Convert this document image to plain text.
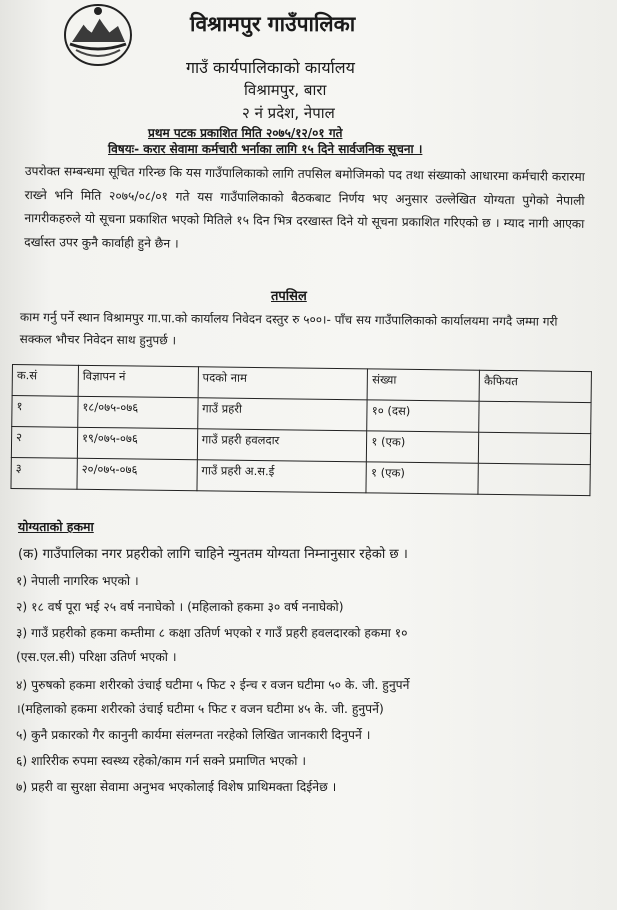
विश्रामपुर गाउँपालिका
गाउँ कार्यपालिकाको कार्यालय
विश्रामपुर, बारा
२ नं प्रदेश, नेपाल
प्रथम पटक प्रकाशित मिति २०७५/१२/०१ गते
विषयः- करार सेवामा कर्मचारी भर्नाका लागि १५ दिने सार्वजनिक सूचना ।
उपरोक्त सम्बन्धमा सूचित गरिन्छ कि यस गाउँपालिकाको लागि तपसिल बमोजिमको पद तथा संख्याको आधारमा कर्मचारी करारमा राख्ने भनि मिति २०७५/०८/०१ गते यस गाउँपालिकाको बैठकबाट निर्णय भए अनुसार उल्लेखित योग्यता पुगेको नेपाली नागरीकहरुले यो सूचना प्रकाशित भएको मितिले १५ दिन भित्र दरखास्त दिने यो सूचना प्रकाशित गरिएको छ । म्याद नागी आएका दर्खास्त उपर कुनै कार्वाही हुने छैन ।
तपसिल
काम गर्नु पर्ने स्थान विश्रामपुर गा.पा.को कार्यालय निवेदन दस्तुर रु ५००।- पाँच सय गाउँपालिकाको कार्यालयमा नगदै जम्मा गरी सक्कल भौचर निवेदन साथ हुनुपर्छ ।
क.सं	विज्ञापन नं	पदको नाम	संख्या	कैफियत
१	१८/०७५-०७६	गाउँ प्रहरी	१० (दस)	
२	१९/०७५-०७६	गाउँ प्रहरी हवलदार	१ (एक)	
३	२०/०७५-०७६	गाउँ प्रहरी अ.स.ई	१ (एक)	
योग्यताको हकमा
(क) गाउँपालिका नगर प्रहरीको लागि चाहिने न्युनतम योग्यता निम्नानुसार रहेको छ ।
१) नेपाली नागरिक भएको ।
२) १८ वर्ष पूरा भई २५ वर्ष ननाघेको । (महिलाको हकमा ३० वर्ष ननाघेको)
३) गाउँ प्रहरीको हकमा कम्तीमा ८ कक्षा उतिर्ण भएको र गाउँ प्रहरी हवलदारको हकमा १०
(एस.एल.सी) परिक्षा उतिर्ण भएको ।
४) पुरुषको हकमा शरीरको उंचाई घटीमा ५ फिट २ ईन्च र वजन घटीमा ५० के. जी. हुनुपर्ने
।(महिलाको हकमा शरीरको उंचाई घटीमा ५ फिट र वजन घटीमा ४५ के. जी. हुनुपर्ने)
५) कुनै प्रकारको गैर कानुनी कार्यमा संलग्नता नरहेको लिखित जानकारी दिनुपर्ने ।
६) शारिरीक रुपमा स्वस्थ्य रहेको/काम गर्न सक्ने प्रमाणित भएको ।
७) प्रहरी वा सुरक्षा सेवामा अनुभव भएकोलाई विशेष प्राथिमक्ता दिईनेछ ।
